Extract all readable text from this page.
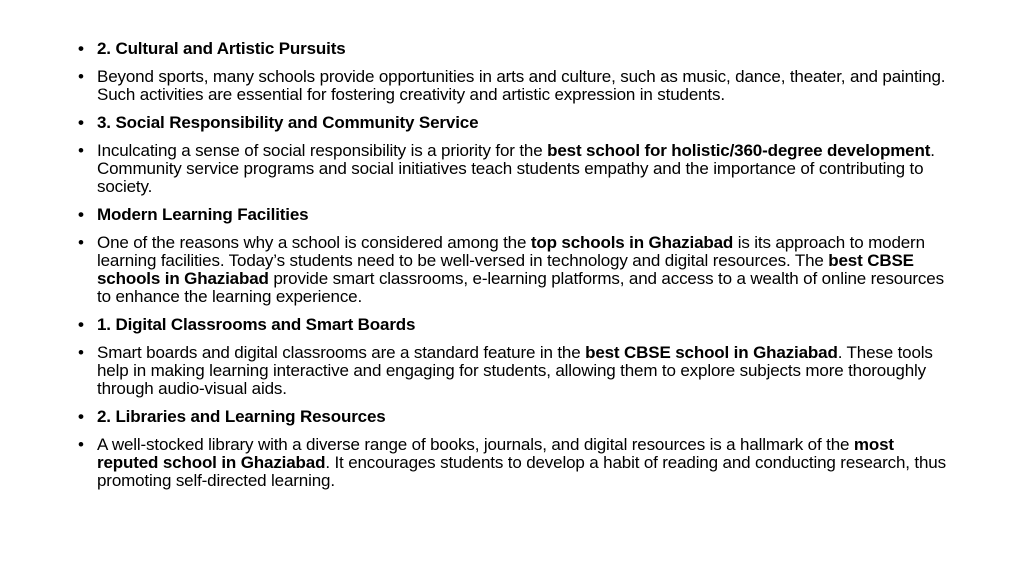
•
2. Cultural and Artistic Pursuits
•
Beyond sports, many schools provide opportunities in arts and culture, such as music, dance, theater, and painting. Such activities are essential for fostering creativity and artistic expression in students.
•
3. Social Responsibility and Community Service
•
Inculcating a sense of social responsibility is a priority for the best school for holistic/360-degree development. Community service programs and social initiatives teach students empathy and the importance of contributing to society.
•
Modern Learning Facilities
•
One of the reasons why a school is considered among the top schools in Ghaziabad is its approach to modern learning facilities. Today’s students need to be well-versed in technology and digital resources. The best CBSE schools in Ghaziabad provide smart classrooms, e-learning platforms, and access to a wealth of online resources to enhance the learning experience.
•
1. Digital Classrooms and Smart Boards
•
Smart boards and digital classrooms are a standard feature in the best CBSE school in Ghaziabad. These tools help in making learning interactive and engaging for students, allowing them to explore subjects more thoroughly through audio-visual aids.
•
2. Libraries and Learning Resources
•
A well-stocked library with a diverse range of books, journals, and digital resources is a hallmark of the most reputed school in Ghaziabad. It encourages students to develop a habit of reading and conducting research, thus promoting self-directed learning.
